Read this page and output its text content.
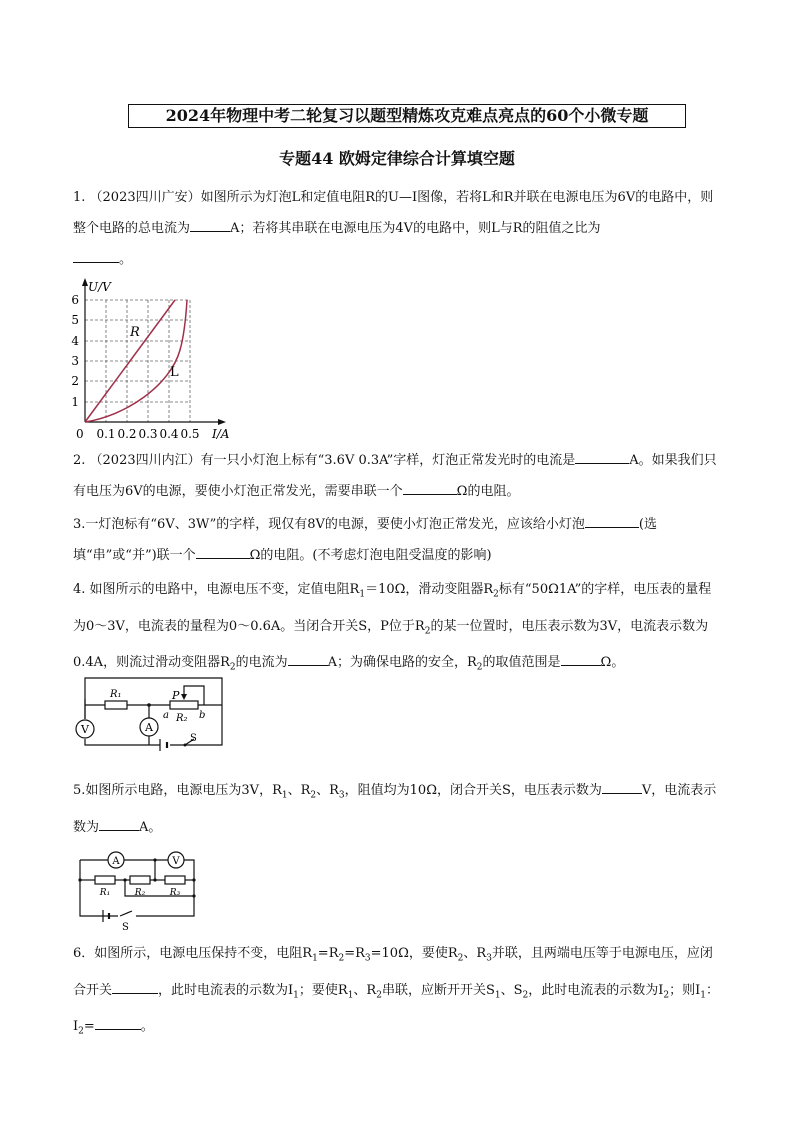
2024年物理中考二轮复习以题型精炼攻克难点亮点的60个小微专题
专题44 欧姆定律综合计算填空题
1. （2023四川广安）如图所示为灯泡L和定值电阻R的U—I图像，若将L和R并联在电源电压为6V的电路中，则整个电路的总电流为	A；若将其串联在电源电压为4V的电路中，则L与R的阻值之比为
。
U/V
I/A
0
1
2
3
4
5
6
0.1 0.2 0.3 0.4 0.5
R
L
2. （2023四川内江）有一只小灯泡上标有“3.6V 0.3A”字样，灯泡正常发光时的电流是	A。如果我们只有电压为6V的电源，要使小灯泡正常发光，需要串联一个	Ω的电阻。
3.一灯泡标有“6V、3W”的字样，现仅有8V的电源，要使小灯泡正常发光，应该给小灯泡	(选填“串”或“并”)联一个	Ω的电阻。(不考虑灯泡电阻受温度的影响)
4. 如图所示的电路中，电源电压不变，定值电阻$R_1=10\Omega$，滑动变阻器$R_2$标有“50Ω1A”的字样，电压表的量程为0～3V，电流表的量程为0～0.6A。当闭合开关S，P位于$R_2$的某一位置时，电压表示数为3V，电流表示数为0.4A，则流过滑动变阻器$R_2$的电流为	A；为确保电路的安全，$R_2$的取值范围是	Ω。
R₁	P
a R₂ b
V	A
S
5.如图所示电路，电源电压为3V，$R_1$、$R_2$、$R_3$，阻值均为10Ω，闭合开关S，电压表示数为	V，电流表示数为	A。
A	V
R₁	R₂	R₃
S
6．如图所示，电源电压保持不变，电阻$R_1=R_2=R_3=10\Omega$，要使$R_2$、$R_3$并联，且两端电压等于电源电压，应闭合开关	，此时电流表的示数为$I_1$；要使$R_1$、$R_2$串联，应断开开关$S_1$、$S_2$，此时电流表的示数为$I_2$；则$I_1$：$I_2=$	。
